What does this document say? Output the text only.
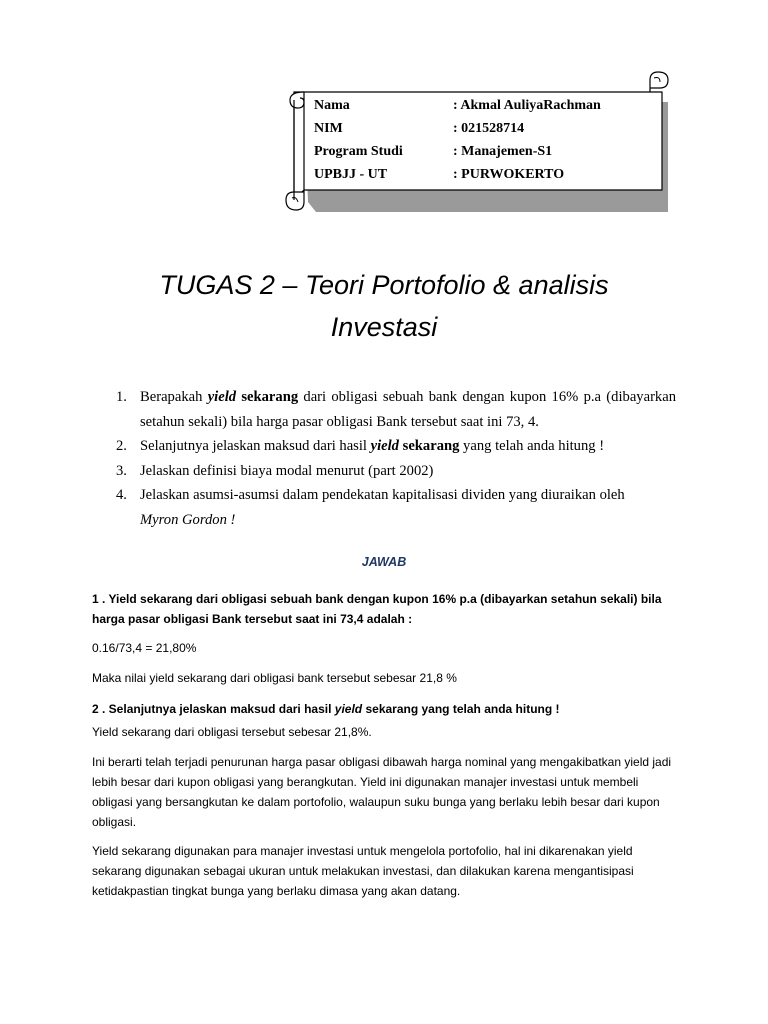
Nama	: Akmal AuliyaRachman
NIM	: 021528714
Program Studi	: Manajemen-S1
UPBJJ - UT	: PURWOKERTO
TUGAS 2 – Teori Portofolio & analisis
Investasi
1. Berapakah yield sekarang dari obligasi sebuah bank dengan kupon 16% p.a (dibayarkan setahun sekali) bila harga pasar obligasi Bank tersebut saat ini 73, 4.
2. Selanjutnya jelaskan maksud dari hasil yield sekarang yang telah anda hitung !
3. Jelaskan definisi biaya modal menurut (part 2002)
4. Jelaskan asumsi-asumsi dalam pendekatan kapitalisasi dividen yang diuraikan oleh
Myron Gordon !
JAWAB

1 . Yield sekarang dari obligasi sebuah bank dengan kupon 16% p.a (dibayarkan setahun sekali) bila harga pasar obligasi Bank tersebut saat ini 73,4 adalah :

0.16/73,4 = 21,80%

Maka nilai yield sekarang dari obligasi bank tersebut sebesar 21,8 %

2 . Selanjutnya jelaskan maksud dari hasil yield sekarang yang telah anda hitung !

Yield sekarang dari obligasi tersebut sebesar 21,8%.

Ini berarti telah terjadi penurunan harga pasar obligasi dibawah harga nominal yang mengakibatkan yield jadi lebih besar dari kupon obligasi yang berangkutan. Yield ini digunakan manajer investasi untuk membeli obligasi yang bersangkutan ke dalam portofolio, walaupun suku bunga yang berlaku lebih besar dari kupon obligasi.

Yield sekarang digunakan para manajer investasi untuk mengelola portofolio, hal ini dikarenakan yield sekarang digunakan sebagai ukuran untuk melakukan investasi, dan dilakukan karena mengantisipasi ketidakpastian tingkat bunga yang berlaku dimasa yang akan datang.
